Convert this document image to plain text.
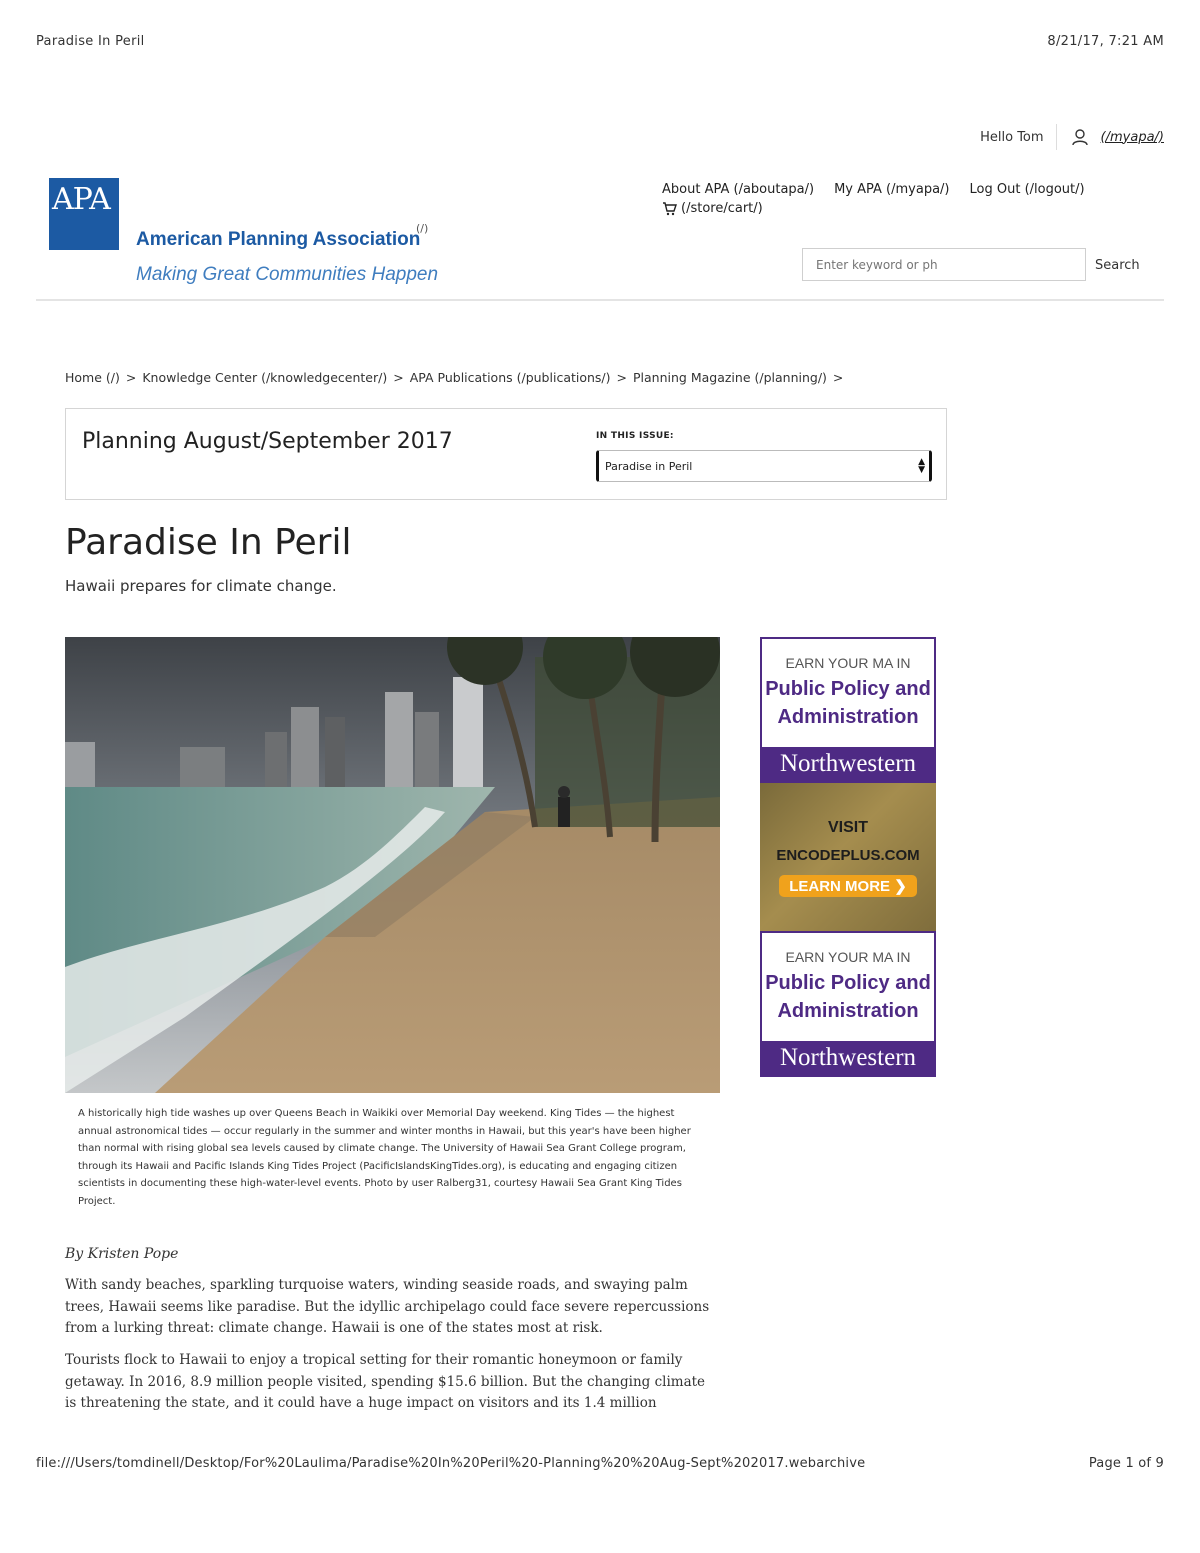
Paradise In Peril	8/21/17, 7:21 AM
Hello Tom	(/myapa/)
APA
American Planning Association
(/)
Making Great Communities Happen
About APA (/aboutapa/) My APA (/myapa/) Log Out (/logout/)
(/store/cart/)
Enter keyword or ph
Search
Home (/) > Knowledge Center (/knowledgecenter/) > APA Publications (/publications/) > Planning Magazine (/planning/) >
Planning August/September 2017	IN THIS ISSUE:
Paradise in Peril	▲
▼
Paradise In Peril
Hawaii prepares for climate change.
A historically high tide washes up over Queens Beach in Waikiki over Memorial Day weekend. King Tides — the highest annual astronomical tides — occur regularly in the summer and winter months in Hawaii, but this year's have been higher than normal with rising global sea levels caused by climate change. The University of Hawaii Sea Grant College program, through its Hawaii and Pacific Islands King Tides Project (PacificIslandsKingTides.org), is educating and engaging citizen scientists in documenting these high-water-level events. Photo by user Ralberg31, courtesy Hawaii Sea Grant King Tides Project.
EARN YOUR MA IN
Public Policy and
Administration
Northwestern
VISIT
ENCODEPLUS.COM
LEARN MORE ❯
EARN YOUR MA IN
Public Policy and
Administration
Northwestern
By Kristen Pope

With sandy beaches, sparkling turquoise waters, winding seaside roads, and swaying palm trees, Hawaii seems like paradise. But the idyllic archipelago could face severe repercussions from a lurking threat: climate change. Hawaii is one of the states most at risk.

Tourists flock to Hawaii to enjoy a tropical setting for their romantic honeymoon or family getaway. In 2016, 8.9 million people visited, spending $15.6 billion. But the changing climate is threatening the state, and it could have a huge impact on visitors and its 1.4 million

file:///Users/tomdinell/Desktop/For%20Laulima/Paradise%20In%20Peril%20-Planning%20%20Aug-Sept%202017.webarchive	Page 1 of 9
